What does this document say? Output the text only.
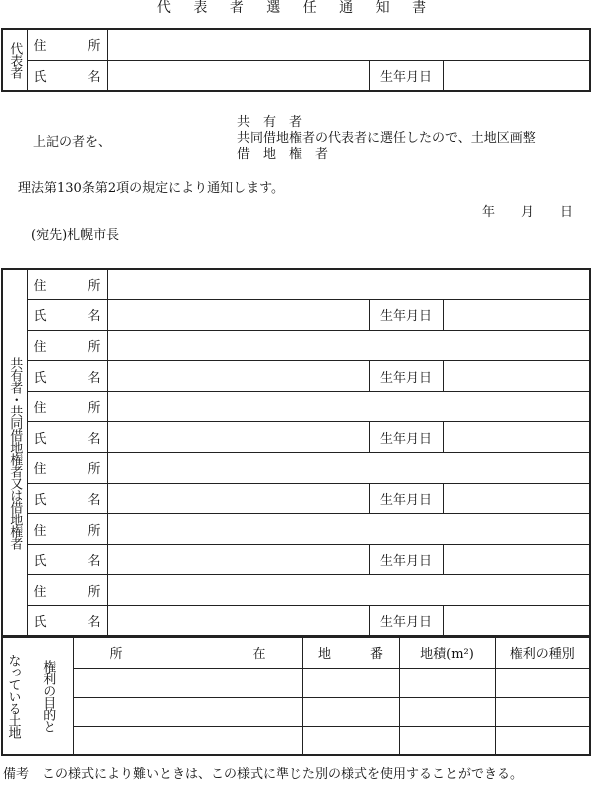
代 表 者 選 任 通 知 書
代表者	住 所			

	氏 名		生年月日	
上記の者を、
共　有　者
共同借地権者の代表者に選任したので、土地区画整
借　地　権　者
理法第130条第2項の規定により通知します。
年　　月　　日
(宛先)札幌市長
共有者・共同借地権者又は借地権者	住 所			

	氏 名		生年月日	
	住 所			

	氏 名		生年月日	
	住 所			

	氏 名		生年月日	
	住 所			

	氏 名		生年月日	
	住 所			

	氏 名		生年月日	
	住 所			

	氏 名		生年月日	
なっている土地	権利の目的と	所　　　　　　　　　　在	地　　　番	地積(m²)	権利の種別

備考　この様式により難いときは、この様式に準じた別の様式を使用することができる。
